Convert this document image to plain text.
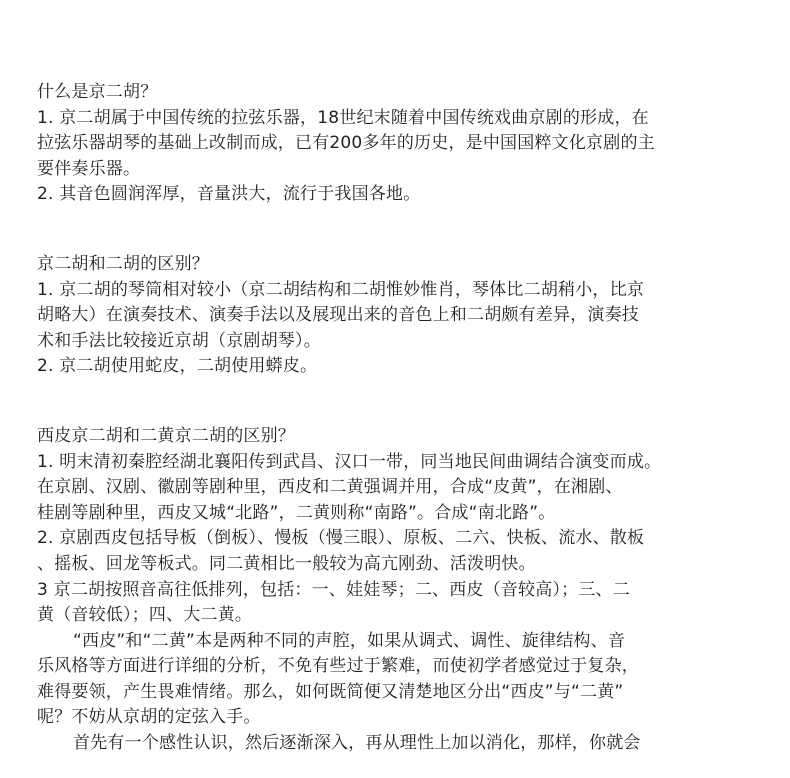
什么是京二胡？
1. 京二胡属于中国传统的拉弦乐器，18世纪末随着中国传统戏曲京剧的形成，在
拉弦乐器胡琴的基础上改制而成，已有200多年的历史，是中国国粹文化京剧的主
要伴奏乐器。
2. 其音色圆润浑厚，音量洪大，流行于我国各地。
京二胡和二胡的区别？
1. 京二胡的琴筒相对较小（京二胡结构和二胡惟妙惟肖，琴体比二胡稍小，比京
胡略大）在演奏技术、演奏手法以及展现出来的音色上和二胡颇有差异，演奏技
术和手法比较接近京胡（京剧胡琴）。
2. 京二胡使用蛇皮，二胡使用蟒皮。
西皮京二胡和二黄京二胡的区别？
1. 明末清初秦腔经湖北襄阳传到武昌、汉口一带，同当地民间曲调结合演变而成。
在京剧、汉剧、徽剧等剧种里，西皮和二黄强调并用，合成“皮黄”，在湘剧、
桂剧等剧种里，西皮又城“北路”，二黄则称“南路”。合成“南北路”。
2. 京剧西皮包括导板（倒板）、慢板（慢三眼）、原板、二六、快板、流水、散板
、摇板、回龙等板式。同二黄相比一般较为高亢刚劲、活泼明快。
3 京二胡按照音高往低排列，包括：一、娃娃琴；二、西皮（音较高）；三、二
黄（音较低）；四、大二黄。
“西皮”和“二黄”本是两种不同的声腔，如果从调式、调性、旋律结构、音
乐风格等方面进行详细的分析，不免有些过于繁难，而使初学者感觉过于复杂，
难得要领，产生畏难情绪。那么，如何既简便又清楚地区分出“西皮”与“二黄”
呢？不妨从京胡的定弦入手。
首先有一个感性认识，然后逐渐深入，再从理性上加以消化，那样，你就会
